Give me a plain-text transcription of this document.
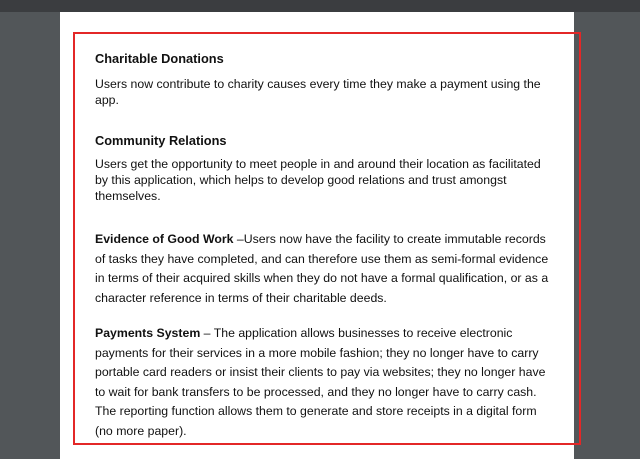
Charitable Donations

Users now contribute to charity causes every time they make a payment using the app.

Community Relations

Users get the opportunity to meet people in and around their location as facilitated by this application, which helps to develop good relations and trust amongst themselves.

Evidence of Good Work –Users now have the facility to create immutable records of tasks they have completed, and can therefore use them as semi-formal evidence in terms of their acquired skills when they do not have a formal qualification, or as a character reference in terms of their charitable deeds.

Payments System – The application allows businesses to receive electronic payments for their services in a more mobile fashion; they no longer have to carry portable card readers or insist their clients to pay via websites; they no longer have to wait for bank transfers to be processed, and they no longer have to carry cash. The reporting function allows them to generate and store receipts in a digital form (no more paper).
